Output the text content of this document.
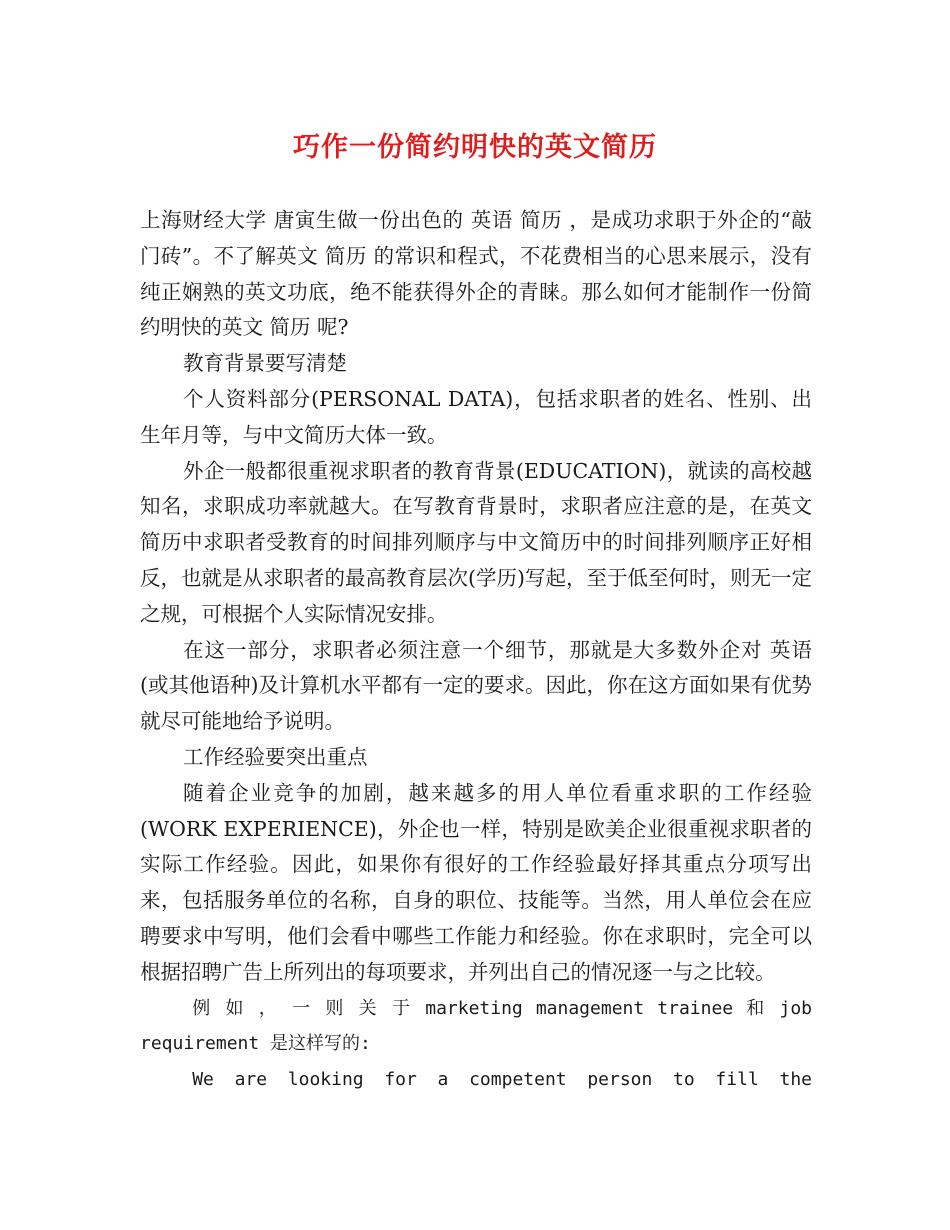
巧作一份简约明快的英文简历

上海财经大学 唐寅生做一份出色的 英语 简历 ，是成功求职于外企的“敲门砖”。不了解英文 简历 的常识和程式，不花费相当的心思来展示，没有纯正娴熟的英文功底，绝不能获得外企的青睐。那么如何才能制作一份简约明快的英文 简历 呢?

教育背景要写清楚

个人资料部分(PERSONAL DATA)，包括求职者的姓名、性别、出生年月等，与中文简历大体一致。

外企一般都很重视求职者的教育背景(EDUCATION)，就读的高校越知名，求职成功率就越大。在写教育背景时，求职者应注意的是，在英文简历中求职者受教育的时间排列顺序与中文简历中的时间排列顺序正好相反，也就是从求职者的最高教育层次(学历)写起，至于低至何时，则无一定之规，可根据个人实际情况安排。

在这一部分，求职者必须注意一个细节，那就是大多数外企对 英语 (或其他语种)及计算机水平都有一定的要求。因此，你在这方面如果有优势就尽可能地给予说明。

工作经验要突出重点

随着企业竞争的加剧，越来越多的用人单位看重求职的工作经验(WORK EXPERIENCE)，外企也一样，特别是欧美企业很重视求职者的实际工作经验。因此，如果你有很好的工作经验最好择其重点分项写出来，包括服务单位的名称，自身的职位、技能等。当然，用人单位会在应聘要求中写明，他们会看中哪些工作能力和经验。你在求职时，完全可以根据招聘广告上所列出的每项要求，并列出自己的情况逐一与之比较。

例 如 ， 一 则 关 于 marketing management trainee 和 job

requirement 是这样写的:

We are looking for a competent person to fill the
